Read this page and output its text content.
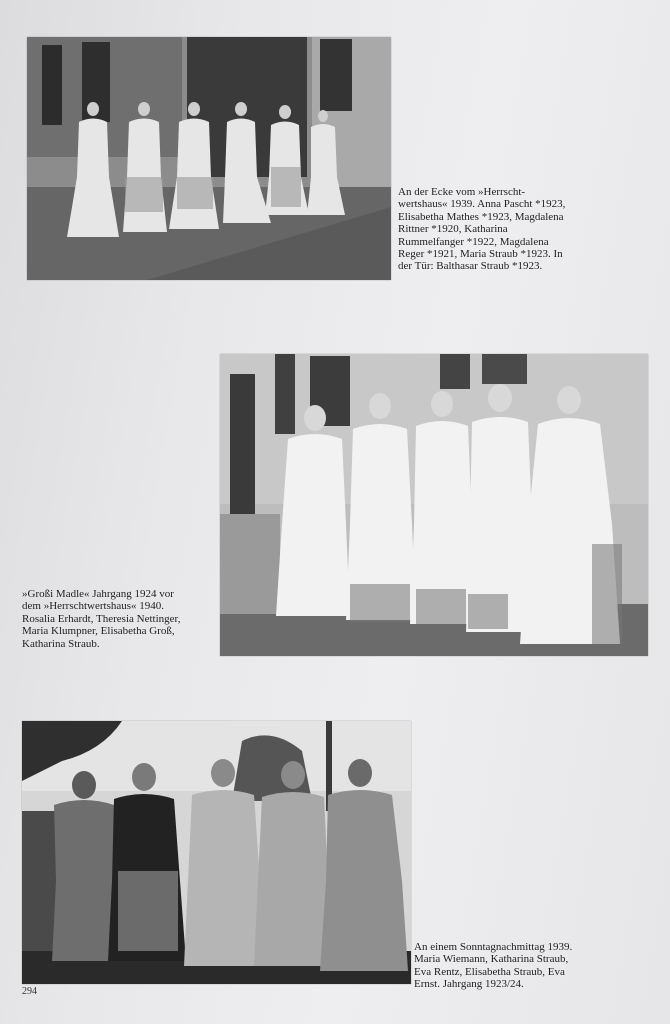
An der Ecke vom »Herrscht-
wertshaus« 1939. Anna Pascht *1923,
Elisabetha Mathes *1923, Magdalena
Rittner *1920, Katharina
Rummelfanger *1922, Magdalena
Reger *1921, Maria Straub *1923. In
der Tür: Balthasar Straub *1923.
»Großi Madle« Jahrgang 1924 vor
dem »Herrschtwertshaus« 1940.
Rosalia Erhardt, Theresia Nettinger,
Maria Klumpner, Elisabetha Groß,
Katharina Straub.
An einem Sonntagnachmittag 1939.
Maria Wiemann, Katharina Straub,
Eva Rentz, Elisabetha Straub, Eva
Ernst. Jahrgang 1923/24.
294
